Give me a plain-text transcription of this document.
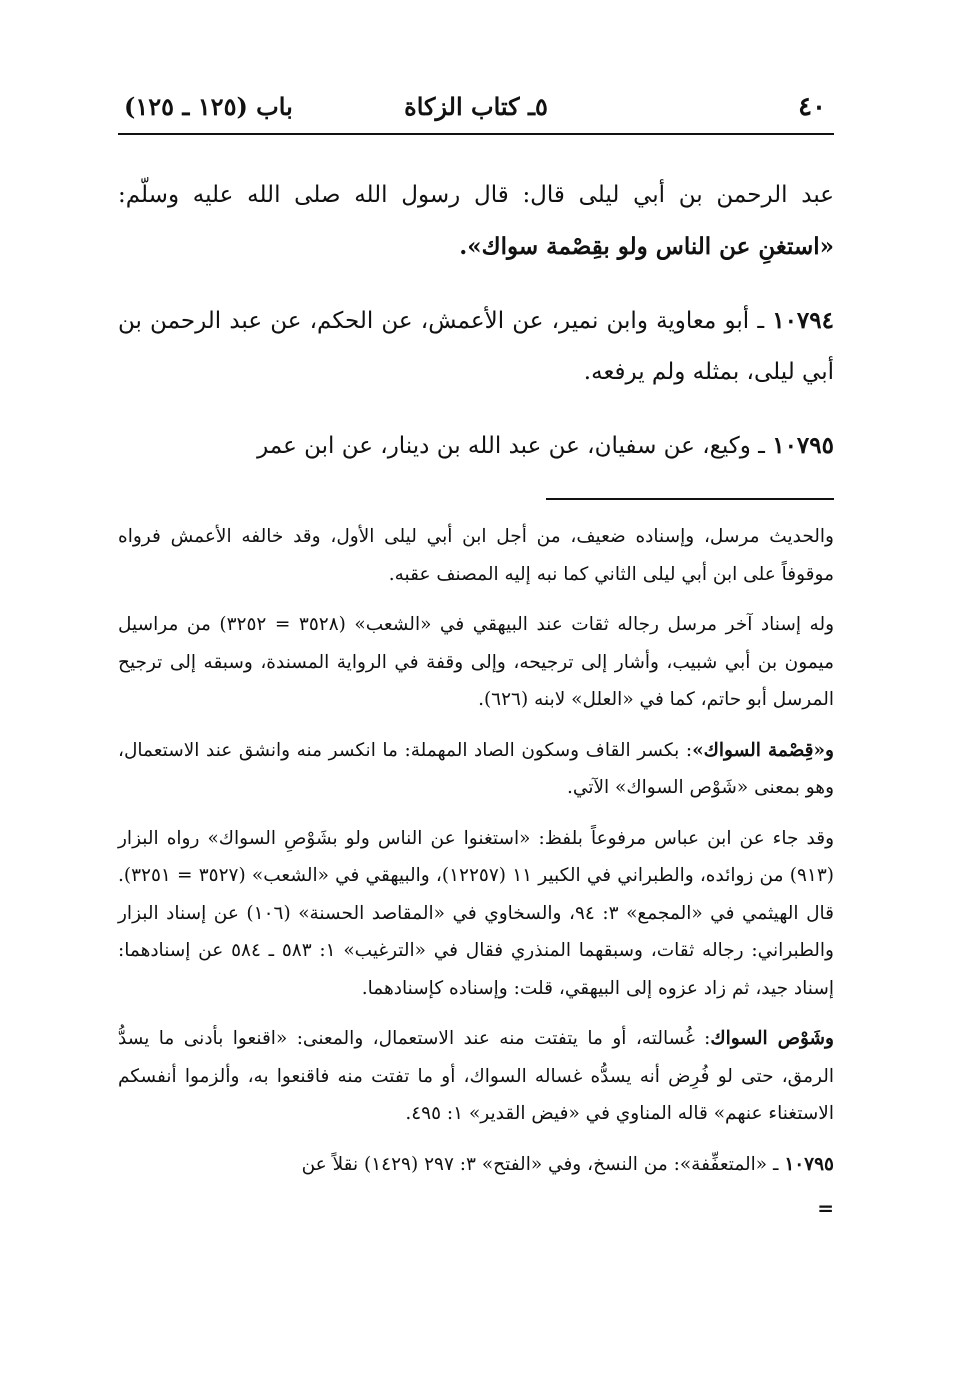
٤٠
٥ـ كتاب الزكاة
باب (١٢٥ ـ ١٢٥)

عبد الرحمن بن أبي ليلى قال: قال رسول الله صلى الله عليه وسلّم: «استغنِ عن الناس ولو بقِصْمة سواك».

١٠٧٩٤ ـ أبو معاوية وابن نمير، عن الأعمش، عن الحكم، عن عبد الرحمن بن أبي ليلى، بمثله ولم يرفعه.

١٠٧٩٥ ـ وكيع، عن سفيان، عن عبد الله بن دينار، عن ابن عمر

والحديث مرسل، وإسناده ضعيف، من أجل ابن أبي ليلى الأول، وقد خالفه الأعمش فرواه موقوفاً على ابن أبي ليلى الثاني كما نبه إليه المصنف عقبه.

وله إسناد آخر مرسل رجاله ثقات عند البيهقي في «الشعب» (٣٥٢٨ = ٣٢٥٢) من مراسيل ميمون بن أبي شبيب، وأشار إلى ترجيحه، وإلى وقفة في الرواية المسندة، وسبقه إلى ترجيح المرسل أبو حاتم، كما في «العلل» لابنه (٦٢٦).

و«قِصْمة السواك»: بكسر القاف وسكون الصاد المهملة: ما انكسر منه وانشق عند الاستعمال، وهو بمعنى «شَوْص السواك» الآتي.

وقد جاء عن ابن عباس مرفوعاً بلفظ: «استغنوا عن الناس ولو بشَوْصِ السواك» رواه البزار (٩١٣) من زوائده، والطبراني في الكبير ١١ (١٢٢٥٧)، والبيهقي في «الشعب» (٣٥٢٧ = ٣٢٥١). قال الهيثمي في «المجمع» ٣: ٩٤، والسخاوي في «المقاصد الحسنة» (١٠٦) عن إسناد البزار والطبراني: رجاله ثقات، وسبقهما المنذري فقال في «الترغيب» ١: ٥٨٣ ـ ٥٨٤ عن إسنادهما: إسناد جيد، ثم زاد عزوه إلى البيهقي، قلت: وإسناده كإسنادهما.

وشَوْص السواك: غُسالته، أو ما يتفتت منه عند الاستعمال، والمعنى: «اقنعوا بأدنى ما يسدُّ الرمق، حتى لو فُرِض أنه يسدُّه غساله السواك، أو ما تفتت منه فاقنعوا به، وألزموا أنفسكم الاستغناء عنهم» قاله المناوي في «فيض القدير» ١: ٤٩٥.

١٠٧٩٥ ـ «المتعفِّفة»: من النسخ، وفي «الفتح» ٣: ٢٩٧ (١٤٢٩) نقلاً عن

=
